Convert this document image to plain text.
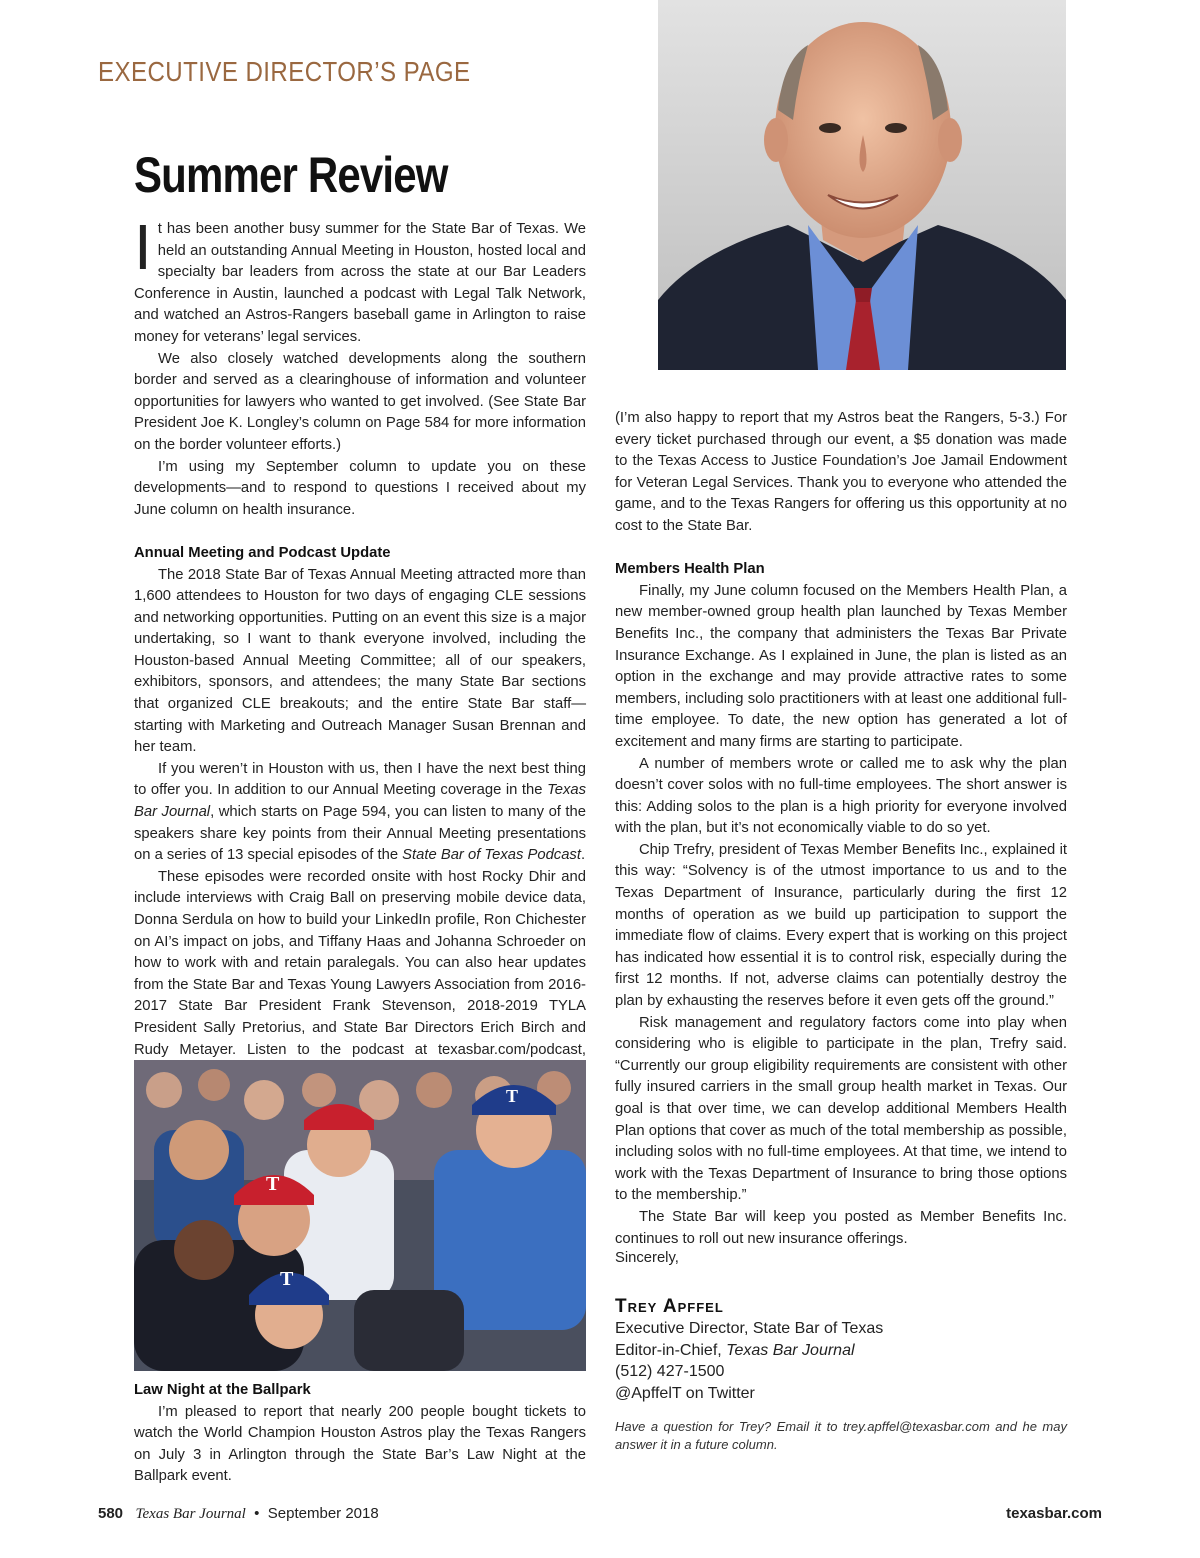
EXECUTIVE DIRECTOR’S PAGE
Summer Review

It has been another busy summer for the State Bar of Texas. We held an outstanding Annual Meeting in Houston, hosted local and specialty bar leaders from across the state at our Bar Leaders Conference in Austin, launched a podcast with Legal Talk Network, and watched an Astros-Rangers baseball game in Arlington to raise money for veterans’ legal services.

We also closely watched developments along the southern border and served as a clearinghouse of information and volunteer opportunities for lawyers who wanted to get involved. (See State Bar President Joe K. Longley’s column on Page 584 for more information on the border volunteer efforts.)

I’m using my September column to update you on these developments—and to respond to questions I received about my June column on health insurance.

Annual Meeting and Podcast Update

The 2018 State Bar of Texas Annual Meeting attracted more than 1,600 attendees to Houston for two days of engaging CLE sessions and networking opportunities. Putting on an event this size is a major undertaking, so I want to thank everyone involved, including the Houston-based Annual Meeting Committee; all of our speakers, exhibitors, sponsors, and attendees; the many State Bar sections that organized CLE breakouts; and the entire State Bar staff—starting with Marketing and Outreach Manager Susan Brennan and her team.

If you weren’t in Houston with us, then I have the next best thing to offer you. In addition to our Annual Meeting coverage in the Texas Bar Journal, which starts on Page 594, you can listen to many of the speakers share key points from their Annual Meeting presentations on a series of 13 special episodes of the State Bar of Texas Podcast.

These episodes were recorded onsite with host Rocky Dhir and include interviews with Craig Ball on preserving mobile device data, Donna Serdula on how to build your LinkedIn profile, Ron Chichester on AI’s impact on jobs, and Tiffany Haas and Johanna Schroeder on how to work with and retain paralegals. You can also hear updates from the State Bar and Texas Young Lawyers Association from 2016-2017 State Bar President Frank Stevenson, 2018-2019 TYLA President Sally Pretorius, and State Bar Directors Erich Birch and Rudy Metayer. Listen to the podcast at texasbar.com/podcast,

T
T
T
Law Night at the Ballpark

I’m pleased to report that nearly 200 people bought tickets to watch the World Champion Houston Astros play the Texas Rangers on July 3 in Arlington through the State Bar’s Law Night at the Ballpark event.

(I’m also happy to report that my Astros beat the Rangers, 5-3.) For every ticket purchased through our event, a $5 donation was made to the Texas Access to Justice Foundation’s Joe Jamail Endowment for Veteran Legal Services. Thank you to everyone who attended the game, and to the Texas Rangers for offering us this opportunity at no cost to the State Bar.

Members Health Plan

Finally, my June column focused on the Members Health Plan, a new member-owned group health plan launched by Texas Member Benefits Inc., the company that administers the Texas Bar Private Insurance Exchange. As I explained in June, the plan is listed as an option in the exchange and may provide attractive rates to some members, including solo practitioners with at least one additional full-time employee. To date, the new option has generated a lot of excitement and many firms are starting to participate.

A number of members wrote or called me to ask why the plan doesn’t cover solos with no full-time employees. The short answer is this: Adding solos to the plan is a high priority for everyone involved with the plan, but it’s not economically viable to do so yet.

Chip Trefry, president of Texas Member Benefits Inc., explained it this way: “Solvency is of the utmost importance to us and to the Texas Department of Insurance, particularly during the first 12 months of operation as we build up participation to support the immediate flow of claims. Every expert that is working on this project has indicated how essential it is to control risk, especially during the first 12 months. If not, adverse claims can potentially destroy the plan by exhausting the reserves before it even gets off the ground.”

Risk management and regulatory factors come into play when considering who is eligible to participate in the plan, Trefry said. “Currently our group eligibility requirements are consistent with other fully insured carriers in the small group health market in Texas. Our goal is that over time, we can develop additional Members Health Plan options that cover as much of the total membership as possible, including solos with no full-time employees. At that time, we intend to work with the Texas Department of Insurance to bring those options to the membership.”

The State Bar will keep you posted as Member Benefits Inc. continues to roll out new insurance offerings.

Sincerely,
Trey Apffel
Executive Director, State Bar of Texas
Editor-in-Chief, Texas Bar Journal
(512) 427-1500
@ApffelT on Twitter
Have a question for Trey? Email it to trey.apffel@texasbar.com and he may answer it in a future column.
580 Texas Bar Journal • September 2018	texasbar.com
